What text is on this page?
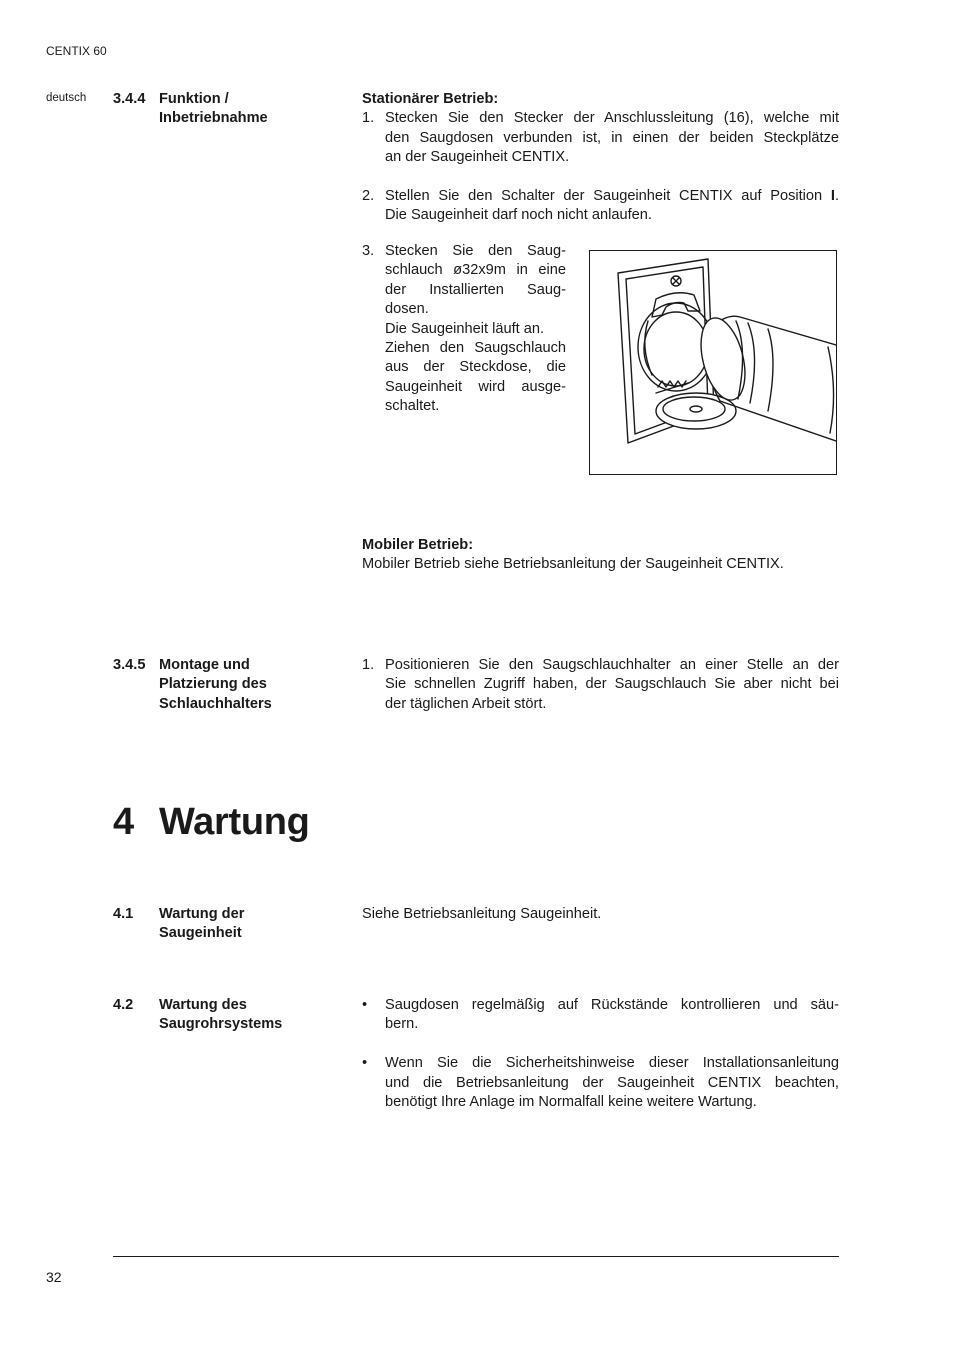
CENTIX 60
deutsch 3.4.4 Funktion /
Inbetriebnahme
Stationärer Betrieb:
1. Stecken Sie den Stecker der Anschlussleitung (16), welche mit
den Saugdosen verbunden ist, in einen der beiden Steckplätze
an der Saugeinheit CENTIX.
2. Stellen Sie den Schalter der Saugeinheit CENTIX auf Position I.
Die Saugeinheit darf noch nicht anlaufen.
3. Stecken Sie den Saug-
schlauch ø32x9m in eine
der Installierten Saug-
dosen.
Die Saugeinheit läuft an.
Ziehen den Saugschlauch
aus der Steckdose, die
Saugeinheit wird ausge-
schaltet.
Mobiler Betrieb:
Mobiler Betrieb siehe Betriebsanleitung der Saugeinheit CENTIX.
3.4.5 Montage und
Platzierung des
Schlauchhalters
1. Positionieren Sie den Saugschlauchhalter an einer Stelle an der
Sie schnellen Zugriff haben, der Saugschlauch Sie aber nicht bei
der täglichen Arbeit stört.
4 Wartung
4.1 Wartung der
Saugeinheit
Siehe Betriebsanleitung Saugeinheit.
4.2 Wartung des
Saugrohrsystems
• Saugdosen regelmäßig auf Rückstände kontrollieren und säu-
bern.
• Wenn Sie die Sicherheitshinweise dieser Installationsanleitung
und die Betriebsanleitung der Saugeinheit CENTIX beachten,
benötigt Ihre Anlage im Normalfall keine weitere Wartung.
32
